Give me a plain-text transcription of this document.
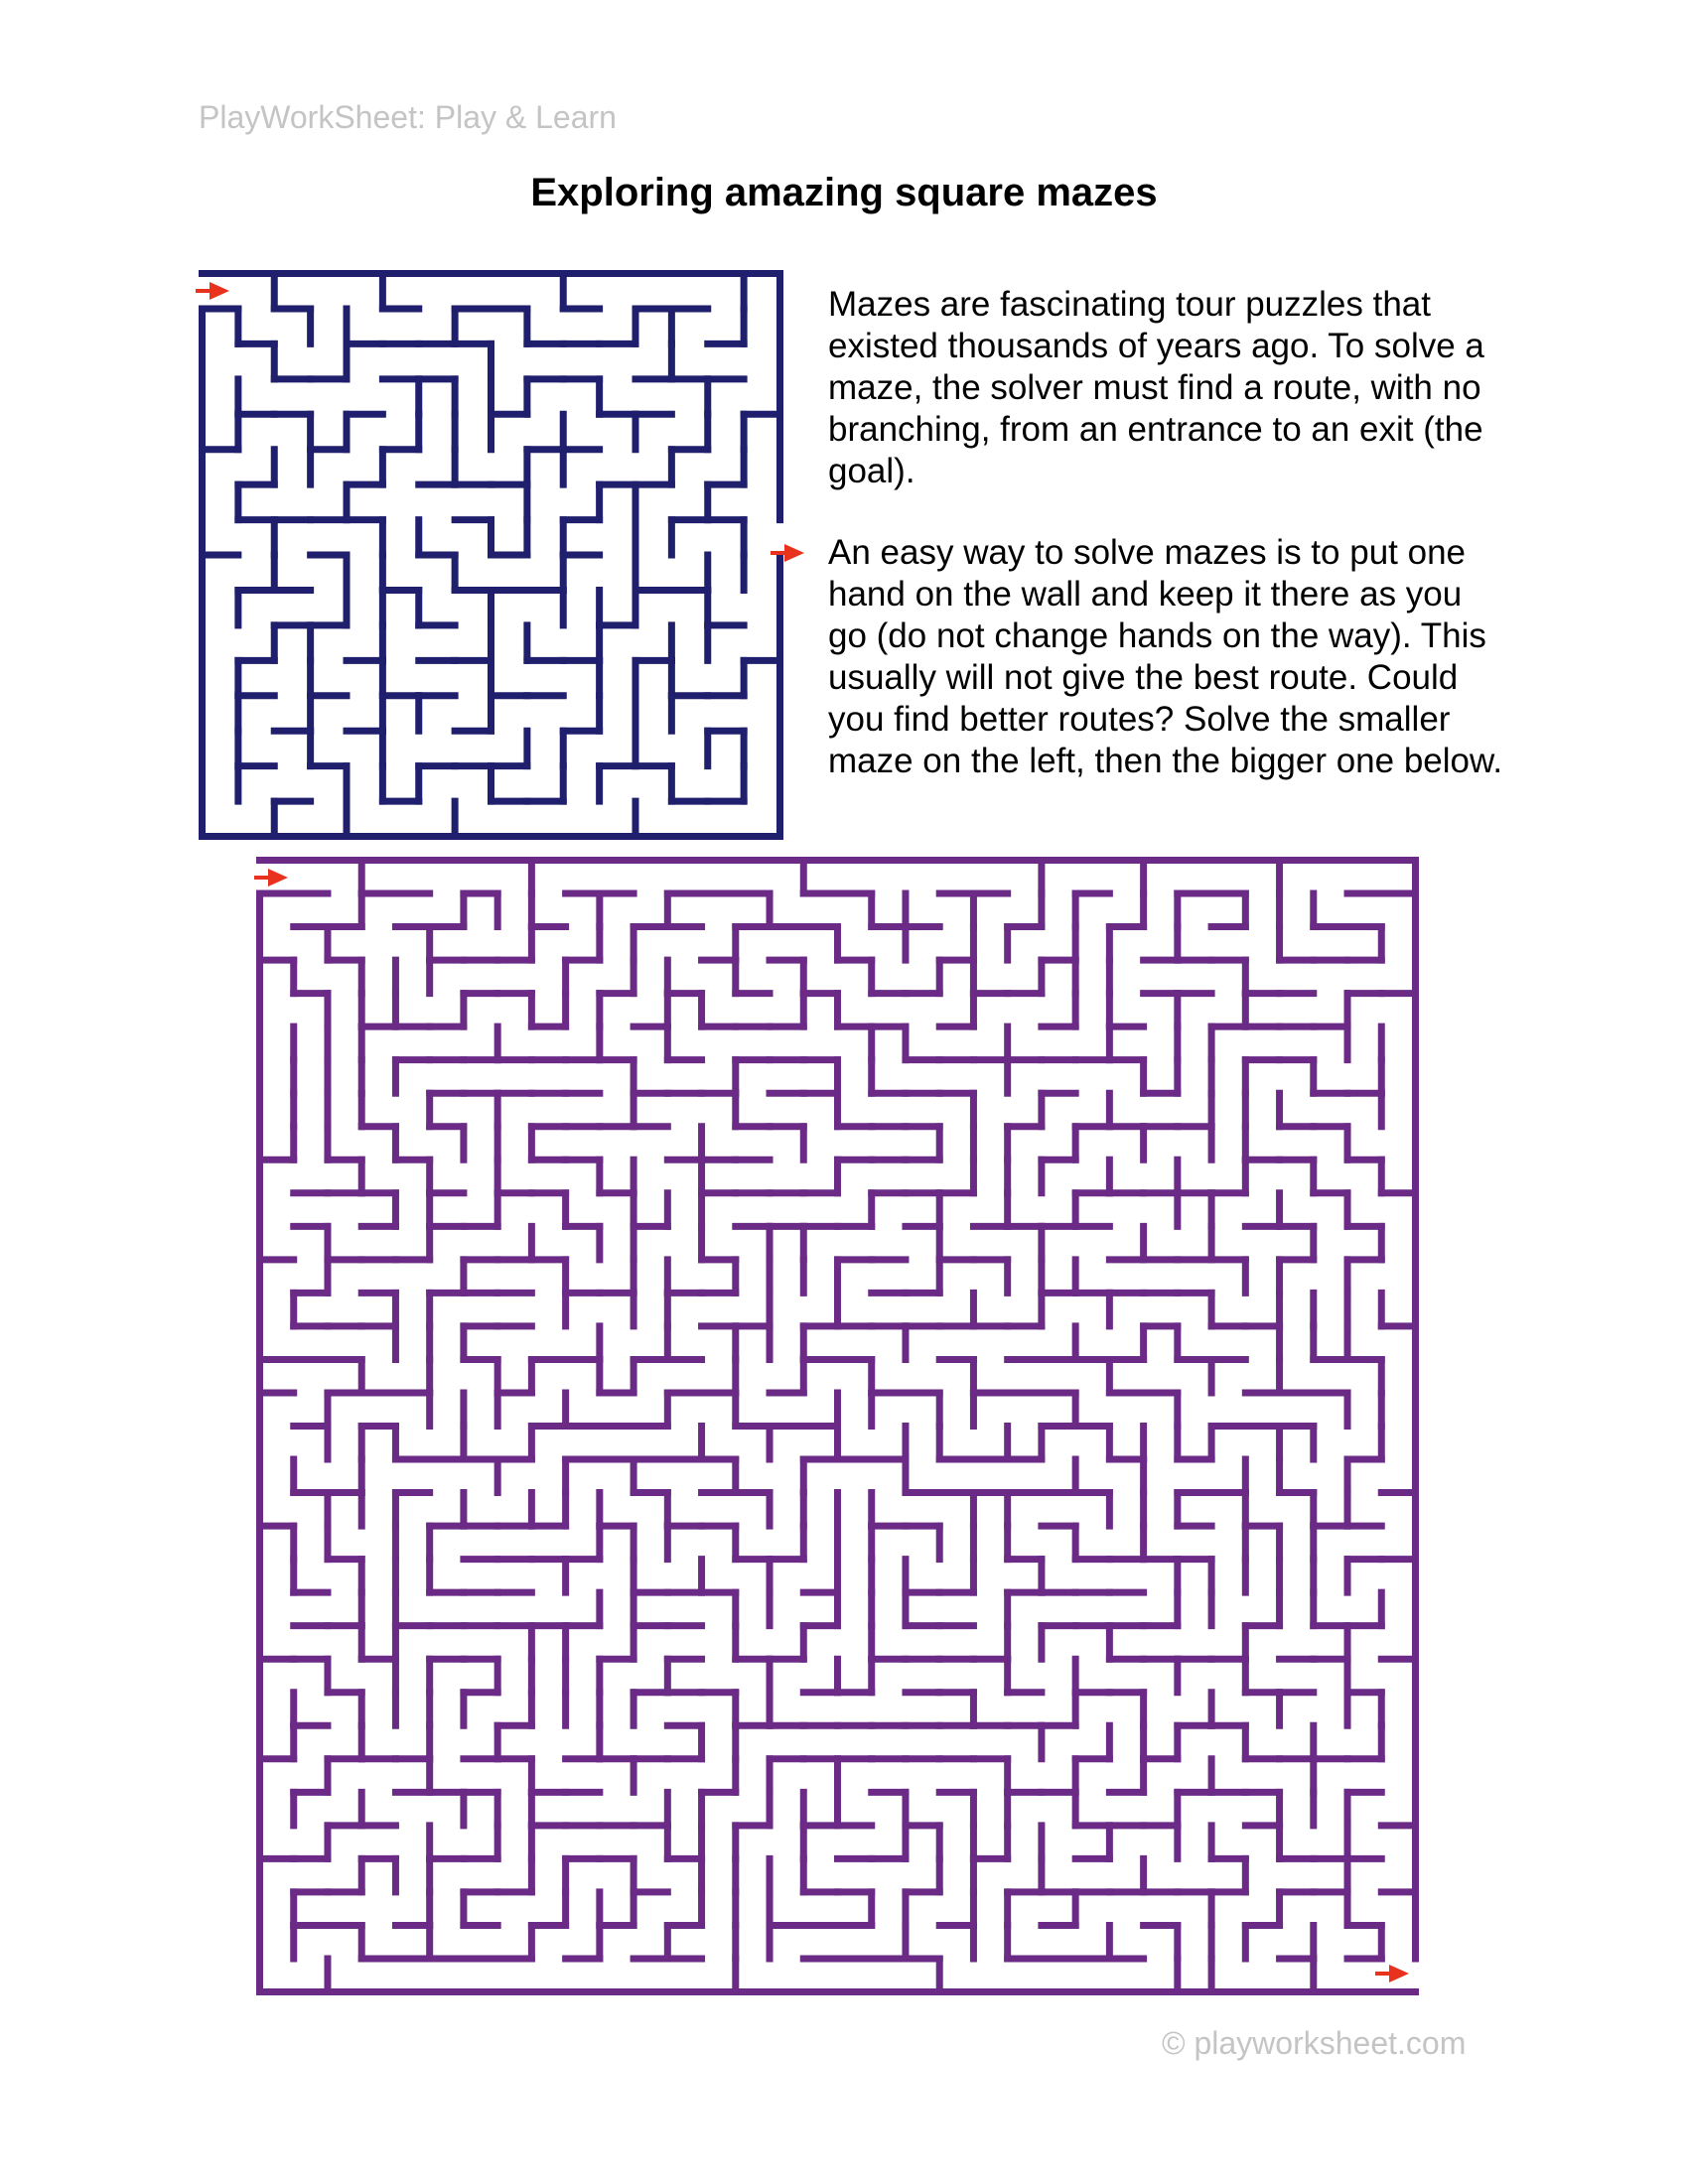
PlayWorkSheet: Play & Learn
Exploring amazing square mazes

Mazes are fascinating tour puzzles that existed thousands of years ago. To solve a maze, the solver must find a route, with no branching, from an entrance to an exit (the goal).

An easy way to solve mazes is to put one hand on the wall and keep it there as you go (do not change hands on the way). This usually will not give the best route. Could you find better routes? Solve the smaller maze on the left, then the bigger one below.

© playworksheet.com
